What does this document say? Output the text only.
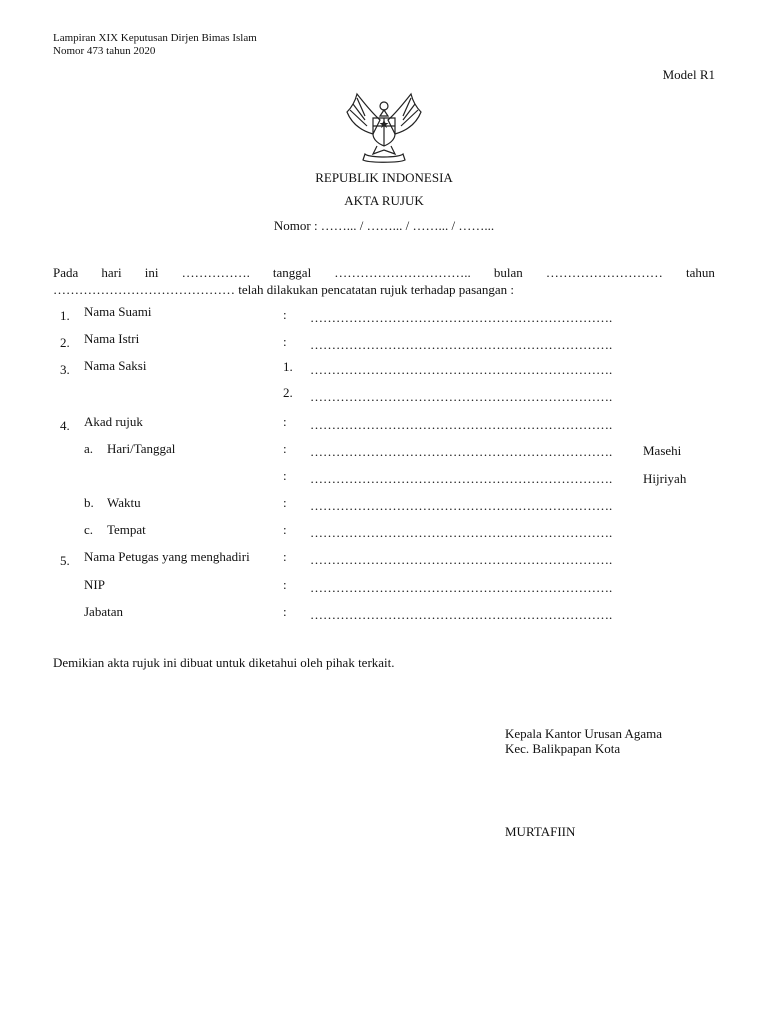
Lampiran XIX Keputusan Dirjen Bimas Islam
Nomor 473 tahun 2020
Model R1
REPUBLIK INDONESIA
AKTA RUJUK
Nomor : ……... / ……... / ……... / ……...
Pada hari ini ……………. tanggal ………………………….. bulan ……………………… tahun
…………………………………… telah dilakukan pencatatan rujuk terhadap pasangan :
1. Nama Suami	: …………………………………………………………….
2. Nama Istri	: …………………………………………………………….
3. Nama Saksi	1. …………………………………………………………….
2. …………………………………………………………….
4. Akad rujuk	: …………………………………………………………….
a. Hari/Tanggal	: ……………………………………………………………. Masehi
: ……………………………………………………………. Hijriyah
b. Waktu	: …………………………………………………………….
c. Tempat	: …………………………………………………………….
5. Nama Petugas yang menghadiri	: …………………………………………………………….
NIP	: …………………………………………………………….
Jabatan	: …………………………………………………………….
Demikian akta rujuk ini dibuat untuk diketahui oleh pihak terkait.
Kepala Kantor Urusan Agama
Kec. Balikpapan Kota
MURTAFIIN
